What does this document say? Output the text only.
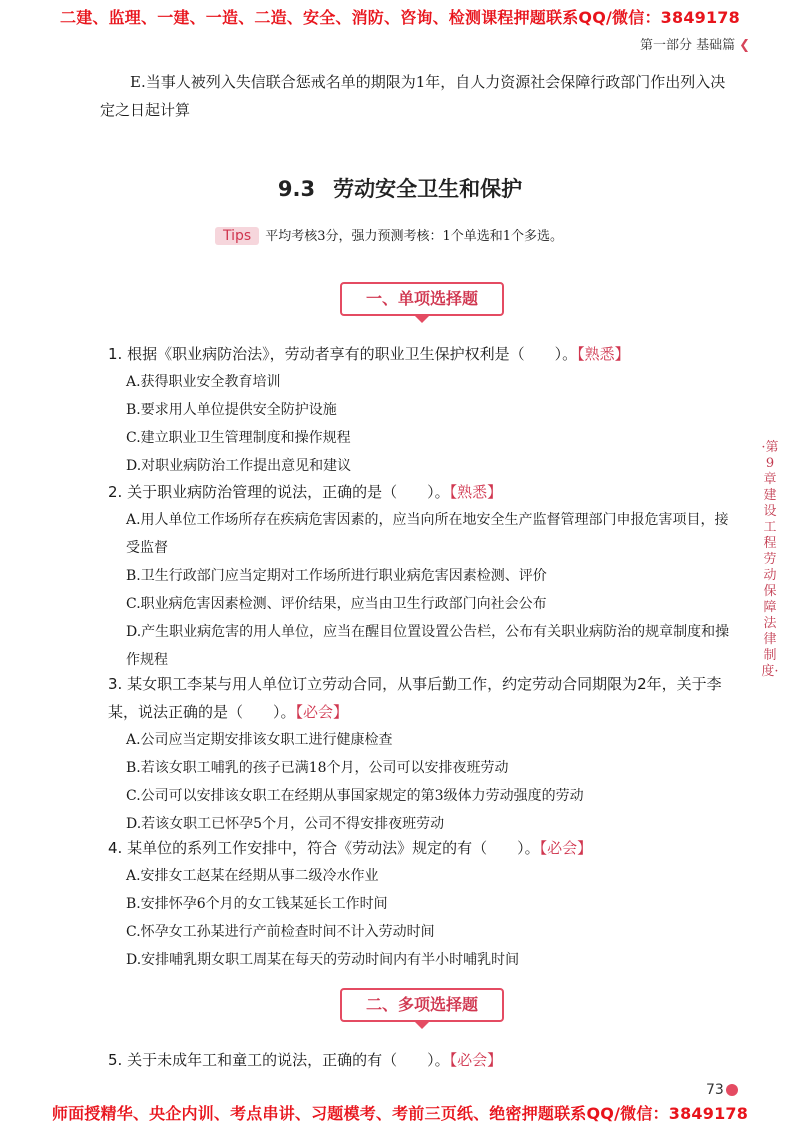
二建、监理、一建、一造、二造、安全、消防、咨询、检测课程押题联系QQ/微信：3849178
第一部分 基础篇 ❮
E.当事人被列入失信联合惩戒名单的期限为1年，自人力资源社会保障行政部门作出列入决定之日起计算
9.3 劳动安全卫生和保护
Tips 平均考核3分，强力预测考核：1个单选和1个多选。
一、单项选择题
1. 根据《职业病防治法》，劳动者享有的职业卫生保护权利是（　　）。【熟悉】
A.获得职业安全教育培训
B.要求用人单位提供安全防护设施
C.建立职业卫生管理制度和操作规程
D.对职业病防治工作提出意见和建议
2. 关于职业病防治管理的说法，正确的是（　　）。【熟悉】
A.用人单位工作场所存在疾病危害因素的，应当向所在地安全生产监督管理部门申报危害项目，接受监督
B.卫生行政部门应当定期对工作场所进行职业病危害因素检测、评价
C.职业病危害因素检测、评价结果，应当由卫生行政部门向社会公布
D.产生职业病危害的用人单位，应当在醒目位置设置公告栏，公布有关职业病防治的规章制度和操作规程
3. 某女职工李某与用人单位订立劳动合同，从事后勤工作，约定劳动合同期限为2年，关于李某，说法正确的是（　　）。【必会】
A.公司应当定期安排该女职工进行健康检查
B.若该女职工哺乳的孩子已满18个月，公司可以安排夜班劳动
C.公司可以安排该女职工在经期从事国家规定的第3级体力劳动强度的劳动
D.若该女职工已怀孕5个月，公司不得安排夜班劳动
4. 某单位的系列工作安排中，符合《劳动法》规定的有（　　）。【必会】
A.安排女工赵某在经期从事二级冷水作业
B.安排怀孕6个月的女工钱某延长工作时间
C.怀孕女工孙某进行产前检查时间不计入劳动时间
D.安排哺乳期女职工周某在每天的劳动时间内有半小时哺乳时间
二、多项选择题
5. 关于未成年工和童工的说法，正确的有（　　）。【必会】
·第9章　建设工程劳动保障法律制度·
73
师面授精华、央企内训、考点串讲、习题模考、考前三页纸、绝密押题联系QQ/微信：3849178
